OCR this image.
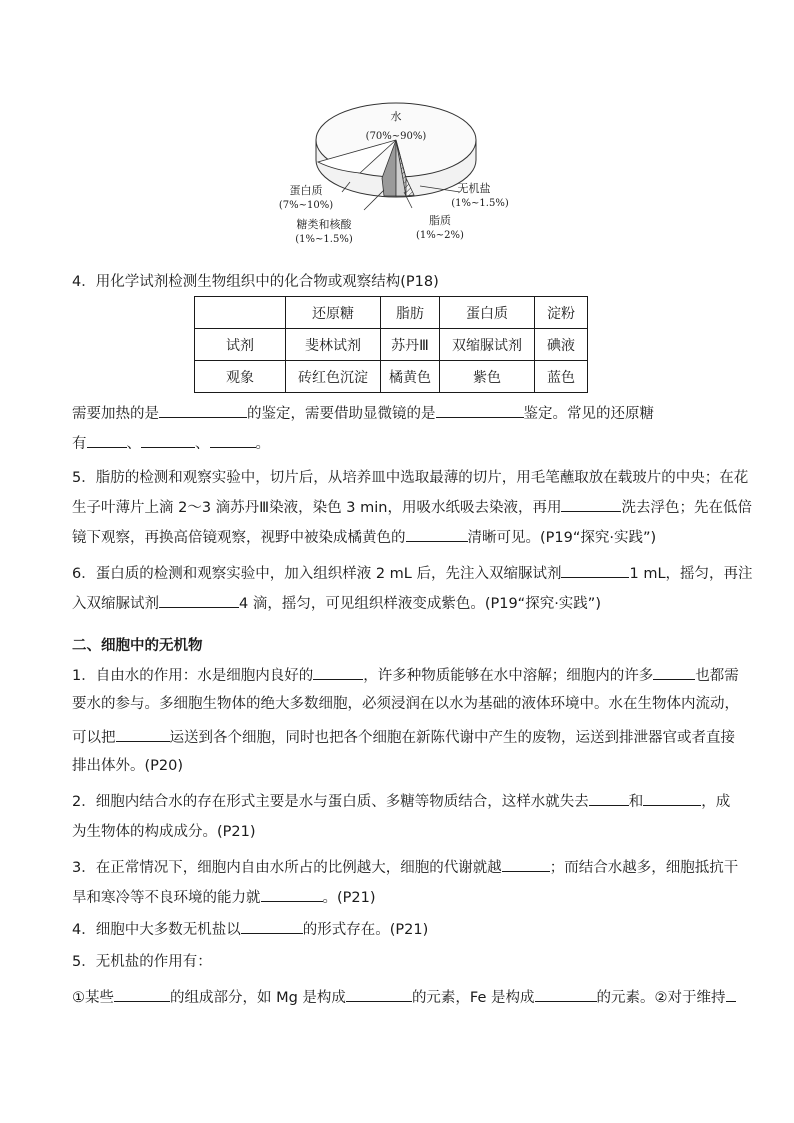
水
(70%~90%)
蛋白质
(7%~10%)
糖类和核酸
(1%~1.5%)
无机盐
(1%~1.5%)
脂质
(1%~2%)
4．用化学试剂检测生物组织中的化合物或观察结构(P18)
	还原糖	脂肪	蛋白质	淀粉
试剂	斐林试剂	苏丹Ⅲ	双缩脲试剂	碘液
观象	砖红色沉淀	橘黄色	紫色	蓝色
需要加热的是	的鉴定，需要借助显微镜的是	鉴定。常见的还原糖
有	、	、	。
5．脂肪的检测和观察实验中，切片后，从培养皿中选取最薄的切片，用毛笔蘸取放在载玻片的中央；在花
生子叶薄片上滴 2～3 滴苏丹Ⅲ染液，染色 3 min，用吸水纸吸去染液，再用	洗去浮色；先在低倍
镜下观察，再换高倍镜观察，视野中被染成橘黄色的	清晰可见。(P19“探究·实践”)
6．蛋白质的检测和观察实验中，加入组织样液 2 mL 后，先注入双缩脲试剂	1 mL，摇匀，再注
入双缩脲试剂	4 滴，摇匀，可见组织样液变成紫色。(P19“探究·实践”)
二、细胞中的无机物
1．自由水的作用：水是细胞内良好的	，许多种物质能够在水中溶解；细胞内的许多	也都需
要水的参与。多细胞生物体的绝大多数细胞，必须浸润在以水为基础的液体环境中。水在生物体内流动，
可以把	运送到各个细胞，同时也把各个细胞在新陈代谢中产生的废物，运送到排泄器官或者直接
排出体外。(P20)
2．细胞内结合水的存在形式主要是水与蛋白质、多糖等物质结合，这样水就失去	和	，成
为生物体的构成成分。(P21)
3．在正常情况下，细胞内自由水所占的比例越大，细胞的代谢就越	；而结合水越多，细胞抵抗干
旱和寒冷等不良环境的能力就	。(P21)
4．细胞中大多数无机盐以	的形式存在。(P21)
5．无机盐的作用有：
①某些	的组成部分，如 Mg 是构成	的元素，Fe 是构成	的元素。②对于维持
